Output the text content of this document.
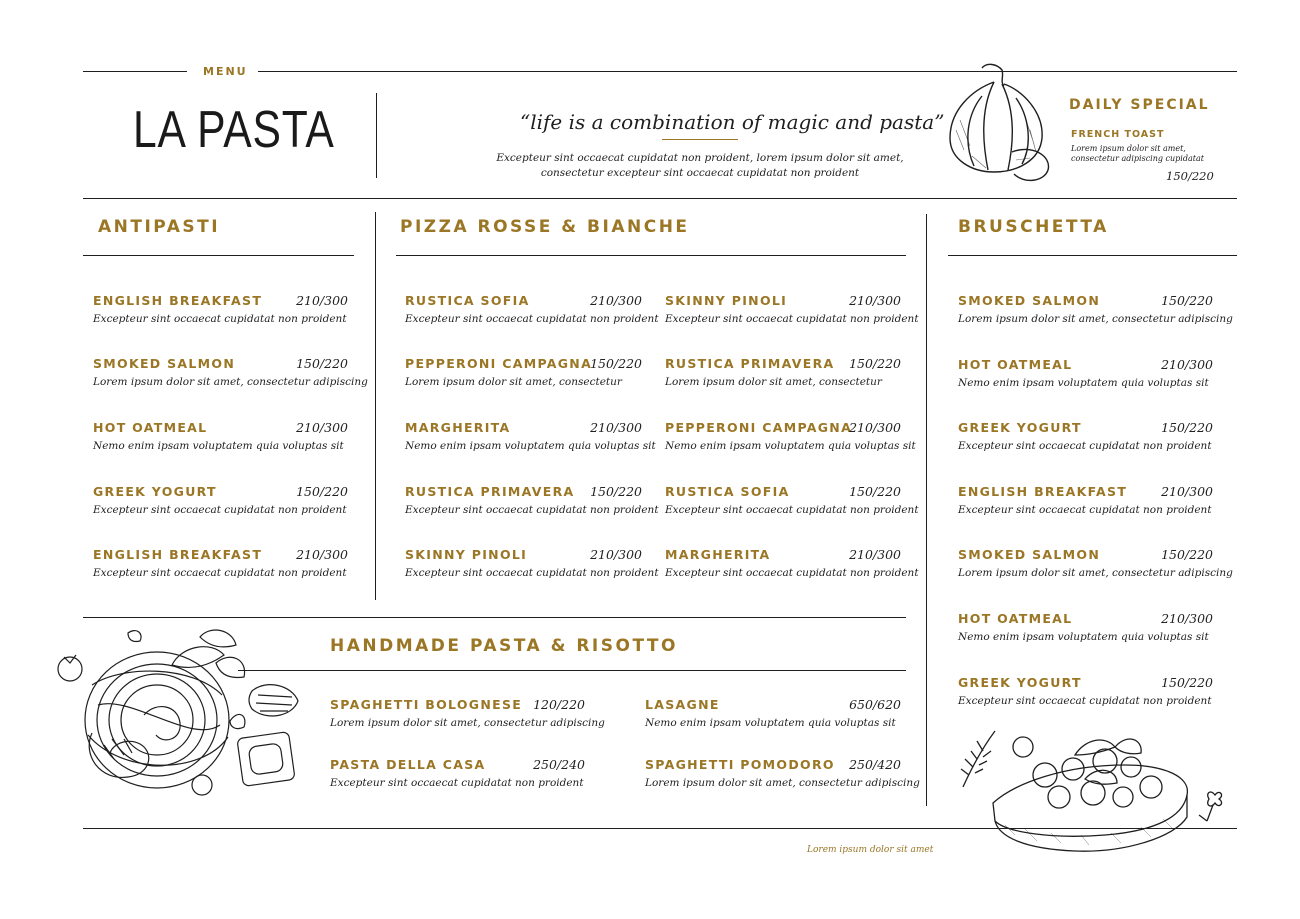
MENU
LA PASTA	“life is a combination of magic and pasta”
Excepteur sint occaecat cupidatat non proident, lorem ipsum dolor sit amet, consectetur excepteur sint occaecat cupidatat non proident
DAILY SPECIAL
FRENCH TOAST
Lorem ipsum dolor sit amet, consectetur adipiscing cupidatat
150/220
ANTIPASTI
ENGLISH BREAKFAST	210/300
Excepteur sint occaecat cupidatat non proident
SMOKED SALMON	150/220
Lorem ipsum dolor sit amet, consectetur adipiscing
HOT OATMEAL	210/300
Nemo enim ipsam voluptatem quia voluptas sit
GREEK YOGURT	150/220
Excepteur sint occaecat cupidatat non proident
ENGLISH BREAKFAST	210/300
Excepteur sint occaecat cupidatat non proident
PIZZA ROSSE & BIANCHE
RUSTICA SOFIA	210/300
Excepteur sint occaecat cupidatat non proident
PEPPERONI CAMPAGNA
150/220
Lorem ipsum dolor sit amet, consectetur
MARGHERITA	210/300
Nemo enim ipsam voluptatem quia voluptas sit
RUSTICA PRIMAVERA 150/220
Excepteur sint occaecat cupidatat non proident
SKINNY PINOLI	210/300
Excepteur sint occaecat cupidatat non proident
SKINNY PINOLI	210/300
Excepteur sint occaecat cupidatat non proident
RUSTICA PRIMAVERA 150/220
Lorem ipsum dolor sit amet, consectetur
PEPPERONI CAMPAGNA
210/300
Nemo enim ipsam voluptatem quia voluptas sit
RUSTICA SOFIA	150/220
Excepteur sint occaecat cupidatat non proident
MARGHERITA	210/300
Excepteur sint occaecat cupidatat non proident
BRUSCHETTA
SMOKED SALMON	150/220
Lorem ipsum dolor sit amet, consectetur adipiscing
HOT OATMEAL	210/300
Nemo enim ipsam voluptatem quia voluptas sit
GREEK YOGURT	150/220
Excepteur sint occaecat cupidatat non proident
ENGLISH BREAKFAST	210/300
Excepteur sint occaecat cupidatat non proident
SMOKED SALMON	150/220
Lorem ipsum dolor sit amet, consectetur adipiscing
HOT OATMEAL	210/300
Nemo enim ipsam voluptatem quia voluptas sit
GREEK YOGURT	150/220
Excepteur sint occaecat cupidatat non proident
HANDMADE PASTA & RISOTTO
SPAGHETTI BOLOGNESE 120/220
Lorem ipsum dolor sit amet, consectetur adipiscing
PASTA DELLA CASA	250/240
Excepteur sint occaecat cupidatat non proident
LASAGNE	650/620
Nemo enim ipsam voluptatem quia voluptas sit
SPAGHETTI POMODORO 250/420
Lorem ipsum dolor sit amet, consectetur adipiscing
Lorem ipsum dolor sit amet
